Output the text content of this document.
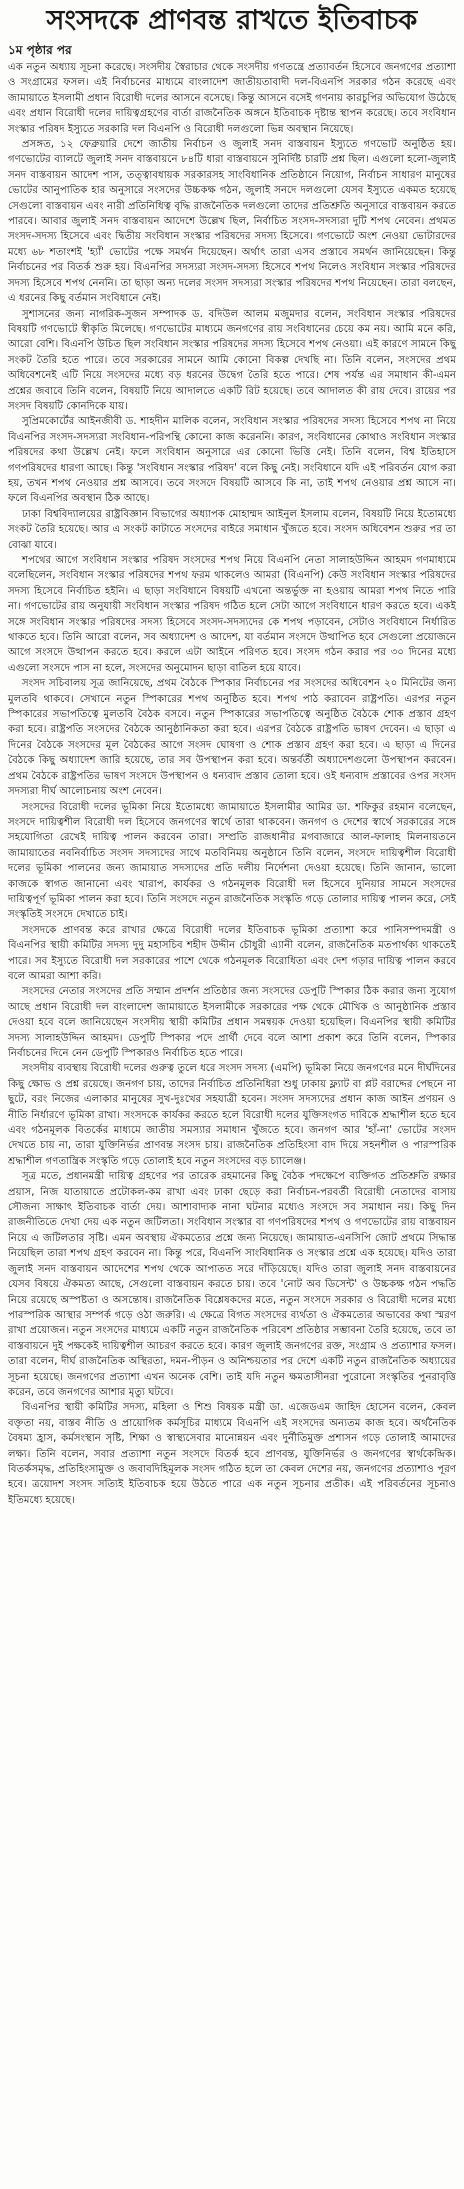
সংসদকে প্রাণবন্ত রাখতে ইতিবাচক
১ম পৃষ্ঠার পর

এক নতুন অধ্যায় সূচনা করেছে। সংসদীয় স্বৈরাচার থেকে সংসদীয় গণতন্ত্রে প্রত্যাবর্তন হিসেবে জনগণের প্রত্যাশা ও সংগ্রামের ফসল। এই নির্বাচনের মাধ্যমে বাংলাদেশ জাতীয়তাবাদী দল-বিএনপি সরকার গঠন করেছে এবং জামায়াতে ইসলামী প্রধান বিরোধী দলের আসনে বসেছে। কিন্তু আসনে বসেই গণনায় কারচুপির অভিযোগ উঠেছে এবং প্রধান বিরোধী দলের দায়িত্বগ্রহণের বার্তা রাজনৈতিক অঙ্গনে ইতিবাচক দৃষ্টান্ত স্থাপন করেছে। তবে সংবিধান সংস্কার পরিষদ ইস্যুতে সরকারি দল বিএনপি ও বিরোধী দলগুলো ভিন্ন অবস্থান নিয়েছে।

প্রসঙ্গত, ১২ ফেব্রুয়ারি দেশে জাতীয় নির্বাচন ও জুলাই সনদ বাস্তবায়ন ইস্যুতে গণভোট অনুষ্ঠিত হয়। গণভোটের ব্যালটে জুলাই সনদ বাস্তবায়নে ৮৪টি ধারা বাস্তবায়নে সুনির্দিষ্ট চারটি প্রশ্ন ছিল। এগুলো হলো-জুলাই সনদ বাস্তবায়ন আদেশ পাস, তত্ত্বাবধায়ক সরকারসহ সাংবিধানিক প্রতিষ্ঠানে নিয়োগ, নির্বাচন সাধারণ মানুষের ভোটের আনুপাতিক হার অনুসারে সংসদের উচ্চকক্ষ গঠন, জুলাই সনদে দলগুলো যেসব ইস্যুতে একমত হয়েছে সেগুলো বাস্তবায়ন এবং নারী প্রতিনিধিত্ব বৃদ্ধি রাজনৈতিক দলগুলো তাদের প্রতিশ্রুতি অনুসারে বাস্তবায়ন করতে পারবে। আবার জুলাই সনদ বাস্তবায়ন আদেশে উল্লেখ ছিল, নির্বাচিত সংসদ-সদস্যরা দুটি শপথ নেবেন। প্রথমত সংসদ-সদস্য হিসেবে এবং দ্বিতীয় সংবিধান সংস্কার পরিষদের সদস্য হিসেবে। গণভোটে অংশ নেওয়া ভোটারদের মধ্যে ৬৮ শতাংশই 'হ্যাঁ' ভোটের পক্ষে সমর্থন দিয়েছেন। অর্থাৎ তারা এসব প্রস্তাবে সমর্থন জানিয়েছেন। কিন্তু নির্বাচনের পর বিতর্ক শুরু হয়। বিএনপির সদস্যরা সংসদ-সদস্য হিসেবে শপথ নিলেও সংবিধান সংস্কার পরিষদের সদস্য হিসেবে শপথ নেননি। তা ছাড়া অন্য দলের সংসদ সদস্যরা সংস্কার পরিষদের শপথ নিয়েছেন। তারা বলছেন, এ ধরনের কিছু বর্তমান সংবিধানে নেই।

সুশাসনের জন্য নাগরিক-সুজন সম্পাদক ড. বদিউল আলম মজুমদার বলেন, সংবিধান সংস্কার পরিষদের বিষয়টি গণভোটে স্বীকৃতি মিলেছে। গণভোটের মাধ্যমে জনগণের রায় সংবিধানের চেয়ে কম নয়। আমি মনে করি, আরো বেশি। বিএনপি উচিত ছিল সংবিধান সংস্কার পরিষদের সদস্য হিসেবে শপথ নেওয়া। এই কারণে সামনে কিছু সংকট তৈরি হতে পারে। তবে সরকারের সামনে আমি কোনো বিকল্প দেখছি না। তিনি বলেন, সংসদের প্রথম অধিবেশনেই এটি নিয়ে সংসদের মধ্যে বড় ধরনের উদ্বেগ তৈরি হতে পারে। শেষ পর্যন্ত এর সমাধান কী-এমন প্রশ্নের জবাবে তিনি বলেন, বিষয়টি নিয়ে আদালতে একটি রিট হয়েছে। তবে আদালত কী রায় দেবে। রায়ের পর সংসদ বিষয়টি কোনদিকে যায়।

সুপ্রিমকোর্টের আইনজীবী ড. শাহদীন মালিক বলেন, সংবিধান সংস্কার পরিষদের সদস্য হিসেবে শপথ না নিয়ে বিএনপির সংসদ-সদস্যরা সংবিধান-পরিপন্থি কোনো কাজ করেননি। কারণ, সংবিধানের কোথাও সংবিধান সংস্কার পরিষদের কথা উল্লেখ নেই। ফলে সংবিধান অনুসারে এর কোনো ভিত্তি নেই। তিনি বলেন, বিশ্ব ইতিহাসে গণপরিষদের ধারণা আছে। কিন্তু 'সংবিধান সংস্কার পরিষদ' বলে কিছু নেই। সংবিধানে যদি এই পরিবর্তন যোগ করা হয়, তখন শপথ নেওয়ার প্রশ্ন আসবে। তবে সংসদে বিষয়টি আসবে কি না, তাই শপথ নেওয়ার প্রশ্ন আসে না। ফলে বিএনপির অবস্থান ঠিক আছে।

ঢাকা বিশ্ববিদ্যালয়ের রাষ্ট্রবিজ্ঞান বিভাগের অধ্যাপক মোহাম্মদ আইনুল ইসলাম বলেন, বিষয়টি নিয়ে ইতোমধ্যে সংকট তৈরি হয়েছে। আর এ সংকট কাটাতে সংসদের বাইরে সমাধান খুঁজতে হবে। সংসদ অধিবেশন শুরুর পর তা বোঝা যাবে।

শপথের আগে সংবিধান সংস্কার পরিষদ সংসদের শপথ নিয়ে বিএনপি নেতা সালাহউদ্দিন আহমদ গণমাধ্যমে বলেছিলেন, সংবিধান সংস্কার পরিষদের শপথ ফরম থাকলেও আমরা (বিএনপি) কেউ সংবিধান সংস্কার পরিষদের সদস্য হিসেবে নির্বাচিত হইনি। এ ছাড়া সংবিধানে বিষয়টি এখনো অন্তর্ভুক্ত না হওয়ায় আমরা শপথ নিতে পারি না। গণভোটের রায় অনুযায়ী সংবিধান সংস্কার পরিষদ গঠিত হলে সেটা আগে সংবিধানে ধারণ করতে হবে। একই সঙ্গে সংবিধান সংস্কার পরিষদের সদস্য হিসেবে সংসদ-সদস্যদের কে শপথ পড়াবেন, সেটাও সংবিধানে নির্ধারিত থাকতে হবে। তিনি আরো বলেন, সব অধ্যাদেশ ও আদেশ, যা বর্তমান সংসদে উত্থাপিত হবে সেগুলো প্রয়োজনে আগে সংসদে উত্থাপন করতে হবে। করলে এটা আইনে পরিণত হবে। সংসদ গঠন করার পর ৩০ দিনের মধ্যে এগুলো সংসদে পাস না হলে, সংসদের অনুমোদন ছাড়া বাতিল হয়ে যাবে।

সংসদ সচিবালয় সূত্র জানিয়েছে, প্রথম বৈঠকে স্পিকার নির্বাচনের পর সংসদের অধিবেশন ২০ মিনিটের জন্য মুলতবি থাকবে। সেখানে নতুন স্পিকারের শপথ অনুষ্ঠিত হবে। শপথ পাঠ করাবেন রাষ্ট্রপতি। এরপর নতুন স্পিকারের সভাপতিত্বে মুলতবি বৈঠক বসবে। নতুন স্পিকারের সভাপতিত্বে অনুষ্ঠিত বৈঠকে শোক প্রস্তাব গ্রহণ করা হবে। রাষ্ট্রপতি সংসদের বৈঠকে আনুষ্ঠানিকতা করা হবে। এরপর বৈঠকে রাষ্ট্রপতি ভাষণ দেবেন। এ ছাড়া এ দিনের বৈঠকে সংসদের মূল বৈঠকের আগে সংসদ ঘোষণা ও শোক প্রস্তাব গ্রহণ করা হবে। এ ছাড়া এ দিনের বৈঠকে কিছু অধ্যাদেশ জারি হয়েছে, তার সব উপস্থাপন করা হবে। অন্তর্বর্তী অধ্যাদেশগুলো উপস্থাপন করবেন। প্রথম বৈঠকে রাষ্ট্রপতির ভাষণ সংসদে উপস্থাপন ও ধন্যবাদ প্রস্তাব তোলা হবে। ওই ধন্যবাদ প্রস্তাবের ওপর সংসদ সদস্যরা দীর্ঘ আলোচনায় অংশ নেবেন।

সংসদের বিরোধী দলের ভূমিকা নিয়ে ইতোমধ্যে জামায়াতে ইসলামীর আমির ডা. শফিকুর রহমান বলেছেন, সংসদে দায়িত্বশীল বিরোধী দল হিসেবে জনগণের স্বার্থে তারা থাকবেন। জনগণ ও দেশের স্বার্থে সরকারের সঙ্গে সহযোগিতা রেখেই দায়িত্ব পালন করবেন তারা। সম্প্রতি রাজধানীর মগবাজারে আল-ফালাহ মিলনায়তনে জামায়াতের নবনির্বাচিত সংসদ সদস্যদের সাথে মতবিনিময় অনুষ্ঠানে তিনি বলেন, সংসদে দায়িত্বশীল বিরোধী দলের ভূমিকা পালনের জন্য জামায়াত সদস্যদের প্রতি দলীয় নির্দেশনা দেওয়া হয়েছে। তিনি জানান, ভালো কাজকে স্বাগত জানানো এবং খারাপ, কার্যকর ও গঠনমূলক বিরোধী দল হিসেবে দুনিয়ার সামনে সংসদের দায়িত্বপূর্ণ ভূমিকা পালন করা হবে। তিনি সংসদে নতুন রাজনৈতিক সংস্কৃতি গড়ে তোলার দায়িত্ব পালন করে, সেই সংস্কৃতিই সংসদে দেখাতে চাই।

সংসদকে প্রাণবন্ত করে রাখার ক্ষেত্রে বিরোধী দলের ইতিবাচক ভূমিকা প্রত্যাশা করে পানিসম্পদমন্ত্রী ও বিএনপির স্থায়ী কমিটির সদস্য দুদু মহাসচিব শহীদ উদ্দীন চৌধুরী এ্যানী বলেন, রাজনৈতিক মতপার্থক্য থাকতেই পারে। সব ইস্যুতে বিরোধী দল সরকারের পাশে থেকে গঠনমূলক বিরোধিতা এবং দেশ গড়ার দায়িত্ব পালন করবে বলে আমরা আশা করি।

সংসদের নেতার সংসদের প্রতি সম্মান প্রদর্শন প্রতিষ্ঠার জন্য সংসদের ডেপুটি স্পিকার ঠিক করার জন্য সুযোগ আছে প্রধান বিরোধী দল বাংলাদেশ জামায়াতে ইসলামীকে সরকারের পক্ষ থেকে মৌখিক ও আনুষ্ঠানিক প্রস্তাব দেওয়া হবে বলে জানিয়েছেন সংসদীয় স্থায়ী কমিটির প্রধান সমন্বয়ক দেওয়া হয়েছিল। বিএনপির স্থায়ী কমিটির সদস্য সালাহউদ্দিন আহমদ। ডেপুটি স্পিকার পদে প্রার্থী দেবে বলে আশা প্রকাশ করে তিনি বলেন, স্পিকার নির্বাচনের দিনে নেন ডেপুটি স্পিকারও নির্বাচিত হতে পারে।

সংসদীয় ব্যবস্থায় বিরোধী দলের গুরুত্ব তুলে ধরে সংসদ সদস্য (এমপি) ভূমিকা নিয়ে জনগণের মনে দীর্ঘদিনের কিছু ক্ষোভ ও প্রশ্ন রয়েছে। জনগণ চায়, তাদের নির্বাচিত প্রতিনিধিরা শুধু ঢাকায় ফ্ল্যাট বা প্লট বরাদ্দের পেছনে না ছুটে, বরং নিজের এলাকার মানুষের সুখ-দুঃখের সহযাত্রী হবেন। সংসদ সদস্যদের প্রধান কাজ আইন প্রণয়ন ও নীতি নির্ধারণে ভূমিকা রাখা। সংসদকে কার্যকর করতে হলে বিরোধী দলের যুক্তিসংগত দাবিকে শ্রদ্ধাশীল হতে হবে এবং গঠনমূলক বিতর্কের মাধ্যমে জাতীয় সমস্যার সমাধান খুঁজতে হবে। জনগণ আর 'হাঁ-না' ভোটের সংসদ দেখতে চায় না, তারা যুক্তিনির্ভর প্রাণবন্ত সংসদ চায়। রাজনৈতিক প্রতিহিংসা বাদ দিয়ে সহনশীল ও পারস্পরিক শ্রদ্ধাশীল গণতান্ত্রিক সংস্কৃতি গড়ে তোলাই হবে নতুন সংসদের বড় চ্যালেঞ্জ।

সূত্র মতে, প্রধানমন্ত্রী দায়িত্ব গ্রহণের পর তারেক রহমানের কিছু বৈঠক পদক্ষেপে ব্যক্তিগত প্রতিশ্রুতি রক্ষার প্রয়াস, নিজ যাতায়াতে প্রটোকল-কম রাখা এবং ঢাকা ছেড়ে করা নির্বাচন-পরবর্তী বিরোধী নেতাদের বাসায় সৌজন্য সাক্ষাৎ ইতিবাচক বার্তা দেয়। আশাবাদ্যক নানা ঘটনার মধ্যেও সংসদে সব সমাধান নয়। কিছু দিন রাজনীতিতে দেখা দেয় এক নতুন জটিলতা। সংবিধান সংস্কার বা গণপরিষদের শপথ ও গণভোটের রায় বাস্তবায়ন নিয়ে এ জটিলতার সৃষ্টি। এমন অবস্থায় ঐকমত্যের প্রশ্নে জন্য নিয়েছে। জামায়াত-এনসিপি জোট প্রথমে সিদ্ধান্ত নিয়েছিল তারা শপথ গ্রহণ করবেন না। কিন্তু পরে, বিএনপি সাংবিধানিক ও সংস্কার প্রশ্নে এক হয়েছে। যদিও তারা জুলাই সনদ বাস্তবায়ন আদেশের শপথ থেকে আপাতত সরে দাঁড়িয়েছে। যদিও তারা জুলাই সনদ বাস্তবায়নের যেসব বিষয়ে ঐকমত্য আছে, সেগুলো বাস্তবায়ন করতে চায়। তবে 'নোট অব ডিসেন্ট' ও উচ্চকক্ষ গঠন পদ্ধতি নিয়ে রয়েছে অস্পষ্টতা ও অসন্তোষ। রাজনৈতিক বিশ্লেষকদের মতে, নতুন সংসদে সরকার ও বিরোধী দলের মধ্যে পারস্পরিক আস্থার সম্পর্ক গড়ে ওঠা জরুরি। এ ক্ষেত্রে বিগত সংসদের ব্যর্থতা ও ঐকমত্যের অভাবের কথা স্মরণ রাখা প্রয়োজন। নতুন সংসদের মাধ্যমে একটি নতুন রাজনৈতিক পরিবেশ প্রতিষ্ঠার সম্ভাবনা তৈরি হয়েছে, তবে তা বাস্তবায়নে দুই পক্ষকেই দায়িত্বশীল আচরণ করতে হবে। কারণ জুলাই জনগণের রক্ত, সংগ্রাম ও প্রত্যাশার ফসল। তারা বলেন, দীর্ঘ রাজনৈতিক অস্থিরতা, দমন-পীড়ন ও অনিশ্চয়তার পর দেশে একটি নতুন রাজনৈতিক অধ্যায়ের সূচনা হয়েছে। জনগণের প্রত্যাশা এখন অনেক বেশি। তাই যদি নতুন ক্ষমতাসীনরা পুরোনো সংস্কৃতির পুনরাবৃত্তি করেন, তবে জনগণের আশার মৃত্যু ঘটবে।

বিএনপির স্থায়ী কমিটির সদস্য, মহিলা ও শিশু বিষয়ক মন্ত্রী ডা. এজেডএম জাহিদ হোসেন বলেন, কেবল বক্তৃতা নয়, বাস্তব নীতি ও প্রায়োগিক কর্মসূচির মাধ্যমে বিএনপি এই সংসদের অন্যতম কাজ হবে। অর্থনৈতিক বৈষম্য হ্রাস, কর্মসংস্থান সৃষ্টি, শিক্ষা ও স্বাস্থ্যসেবার মানোন্নয়ন এবং দুর্নীতিমুক্ত প্রশাসন গড়ে তোলাই আমাদের লক্ষ্য। তিনি বলেন, সবার প্রত্যাশা নতুন সংসদে বিতর্ক হবে প্রাণবন্ত, যুক্তিনির্ভর ও জনগণের স্বার্থকেন্দ্রিক। বিতর্কসমৃদ্ধ, প্রতিহিংসামুক্ত ও জবাবদিহিমূলক সংসদ গঠিত হলে তা কেবল দেশের নয়, জনগণের প্রত্যাশাও পূরণ হবে। ত্রয়োদশ সংসদ সত্যিই ইতিবাচক হয়ে উঠতে পারে এক নতুন সূচনার প্রতীক। এই পরিবর্তনের সূচনাও ইতিমধ্যে হয়েছে।
